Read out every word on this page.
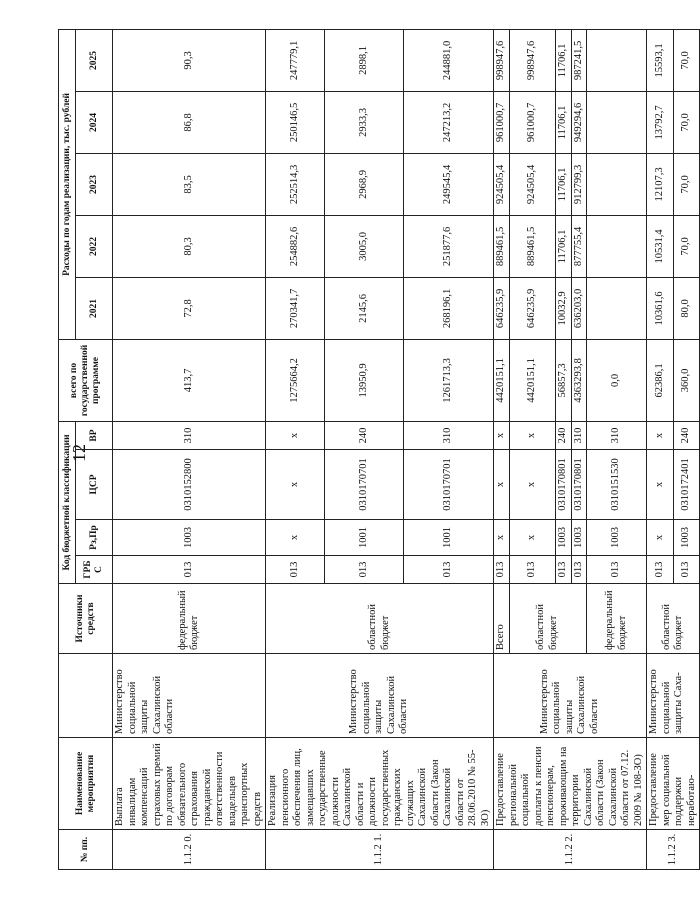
12
№ пп.	Наименование мероприятия		Источники средств	Код бюджетной классификации				всего по государственной программе	Расходы по годам реализации, тыс. рублей				
				ГРБ С	Рз,Пр	ЦСР	ВР		2021	2022	2023	2024	2025
1.1.2 0.	Выплата инвалидам компенсаций страховых премий по договорам обязательного страхования гражданской ответственности владельцев транспортных средств	Министерство социальной защиты Сахалинской области	федеральный бюджет	013	1003	0310152800	310	413,7	72,8	80,3	83,5	86,8	90,3
1.1.2 1.	Реализация пенсионного обеспечения лиц, замещавших государственные должности Сахалинской области и должности государственных гражданских служащих Сахалинской области (Закон Сахалинской области от 28.06.2010 № 55-ЗО)	Министерство социальной защиты Сахалинской области	областной бюджет	013	х	х	х	1275664,2	270341,7	254882,6	252514,3	250146,5	247779,1
				013	1001	0310170701	240	13950,9	2145,6	3005,0	2968,9	2933,3	2898,1
				013	1001	0310170701	310	1261713,3	268196,1	251877,6	249545,4	247213,2	244881,0
1.1.2 2.	Предоставление региональной социальной доплаты к пенсии пенсионерам, проживающим на территории Сахалинской области (Закон Сахалинской области от 07.12. 2009 № 108-ЗО)	Министерство социальной защиты Сахалинской области	Всего	013	х	х	х	4420151,1	646235,9	889461,5	924505,4	961000,7	998947,6
			областной бюджет	013	х	х	х	4420151,1	646235,9	889461,5	924505,4	961000,7	998947,6
				013	1003	0310170801	240	56857,3	10032,9	11706,1	11706,1	11706,1	11706,1
				013	1003	0310170801	310	4363293,8	636203,0	877755,4	912799,3	949294,6	987241,5
			федеральный бюджет	013	1003	0310151530	310	0,0					
1.1.2 3.	Предоставление мер социальной поддержки неработаю-	Министерство социальной защиты Саха-	областной бюджет	013	х	х	х	62386,1	10361,6	10531,4	12107,3	13792,7	15593,1
				013	1003	0310172401	240	360,0	80,0	70,0	70,0	70,0	70,0
